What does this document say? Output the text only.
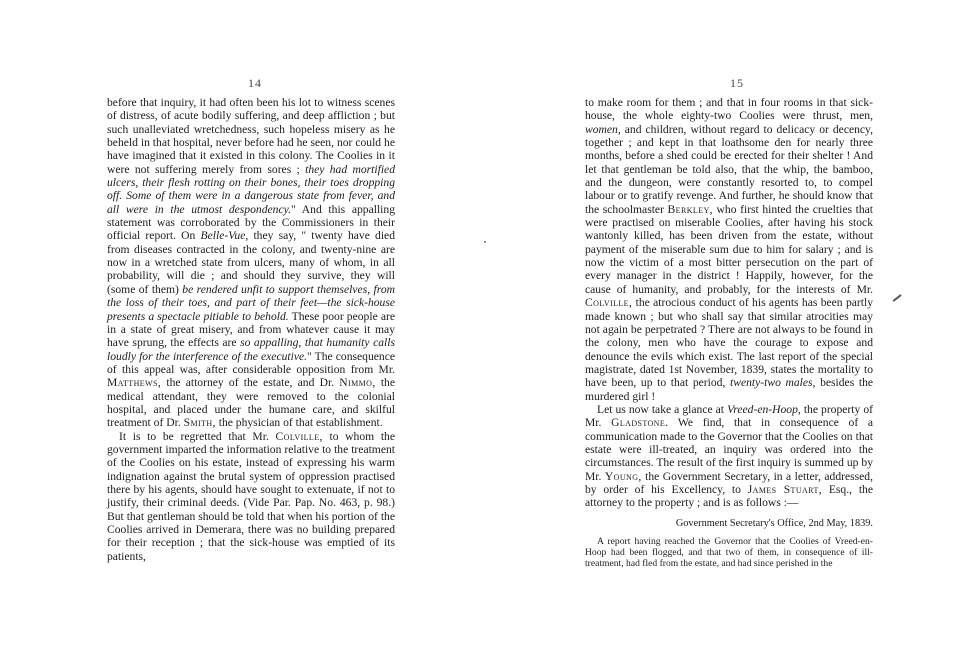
14

before that inquiry, it had often been his lot to witness scenes of distress, of acute bodily suffering, and deep affliction ; but such unalleviated wretchedness, such hopeless misery as he beheld in that hospital, never before had he seen, nor could he have imagined that it existed in this colony. The Coolies in it were not suffering merely from sores ; they had mortified ulcers, their flesh rotting on their bones, their toes dropping off. Some of them were in a dangerous state from fever, and all were in the utmost despondency." And this appalling statement was corroborated by the Commissioners in their official report. On Belle-Vue, they say, " twenty have died from diseases contracted in the colony, and twenty-nine are now in a wretched state from ulcers, many of whom, in all probability, will die ; and should they survive, they will (some of them) be rendered unfit to support themselves, from the loss of their toes, and part of their feet—the sick-house presents a spectacle pitiable to behold. These poor people are in a state of great misery, and from whatever cause it may have sprung, the effects are so appalling, that humanity calls loudly for the interference of the executive." The consequence of this appeal was, after considerable opposition from Mr. Matthews, the attorney of the estate, and Dr. Nimmo, the medical attendant, they were removed to the colonial hospital, and placed under the humane care, and skilful treatment of Dr. Smith, the physician of that establishment.

It is to be regretted that Mr. Colville, to whom the government imparted the information relative to the treatment of the Coolies on his estate, instead of expressing his warm indignation against the brutal system of oppression practised there by his agents, should have sought to extenuate, if not to justify, their criminal deeds. (Vide Par. Pap. No. 463, p. 98.) But that gentleman should be told that when his portion of the Coolies arrived in Demerara, there was no building prepared for their reception ; that the sick-house was emptied of its patients,

15

to make room for them ; and that in four rooms in that sick-house, the whole eighty-two Coolies were thrust, men, women, and children, without regard to delicacy or decency, together ; and kept in that loathsome den for nearly three months, before a shed could be erected for their shelter ! And let that gentleman be told also, that the whip, the bamboo, and the dungeon, were constantly resorted to, to compel labour or to gratify revenge. And further, he should know that the schoolmaster Berkley, who first hinted the cruelties that were practised on miserable Coolies, after having his stock wantonly killed, has been driven from the estate, without payment of the miserable sum due to him for salary ; and is now the victim of a most bitter persecution on the part of every manager in the district ! Happily, however, for the cause of humanity, and probably, for the interests of Mr. Colville, the atrocious conduct of his agents has been partly made known ; but who shall say that similar atrocities may not again be perpetrated ? There are not always to be found in the colony, men who have the courage to expose and denounce the evils which exist. The last report of the special magistrate, dated 1st November, 1839, states the mortality to have been, up to that period, twenty-two males, besides the murdered girl !

Let us now take a glance at Vreed-en-Hoop, the property of Mr. Gladstone. We find, that in consequence of a communication made to the Governor that the Coolies on that estate were ill-treated, an inquiry was ordered into the circumstances. The result of the first inquiry is summed up by Mr. Young, the Government Secretary, in a letter, addressed, by order of his Excellency, to James Stuart, Esq., the attorney to the property ; and is as follows :—

Government Secretary's Office, 2nd May, 1839.

A report having reached the Governor that the Coolies of Vreed-en-Hoop had been flogged, and that two of them, in consequence of ill-treatment, had fled from the estate, and had since perished in the
